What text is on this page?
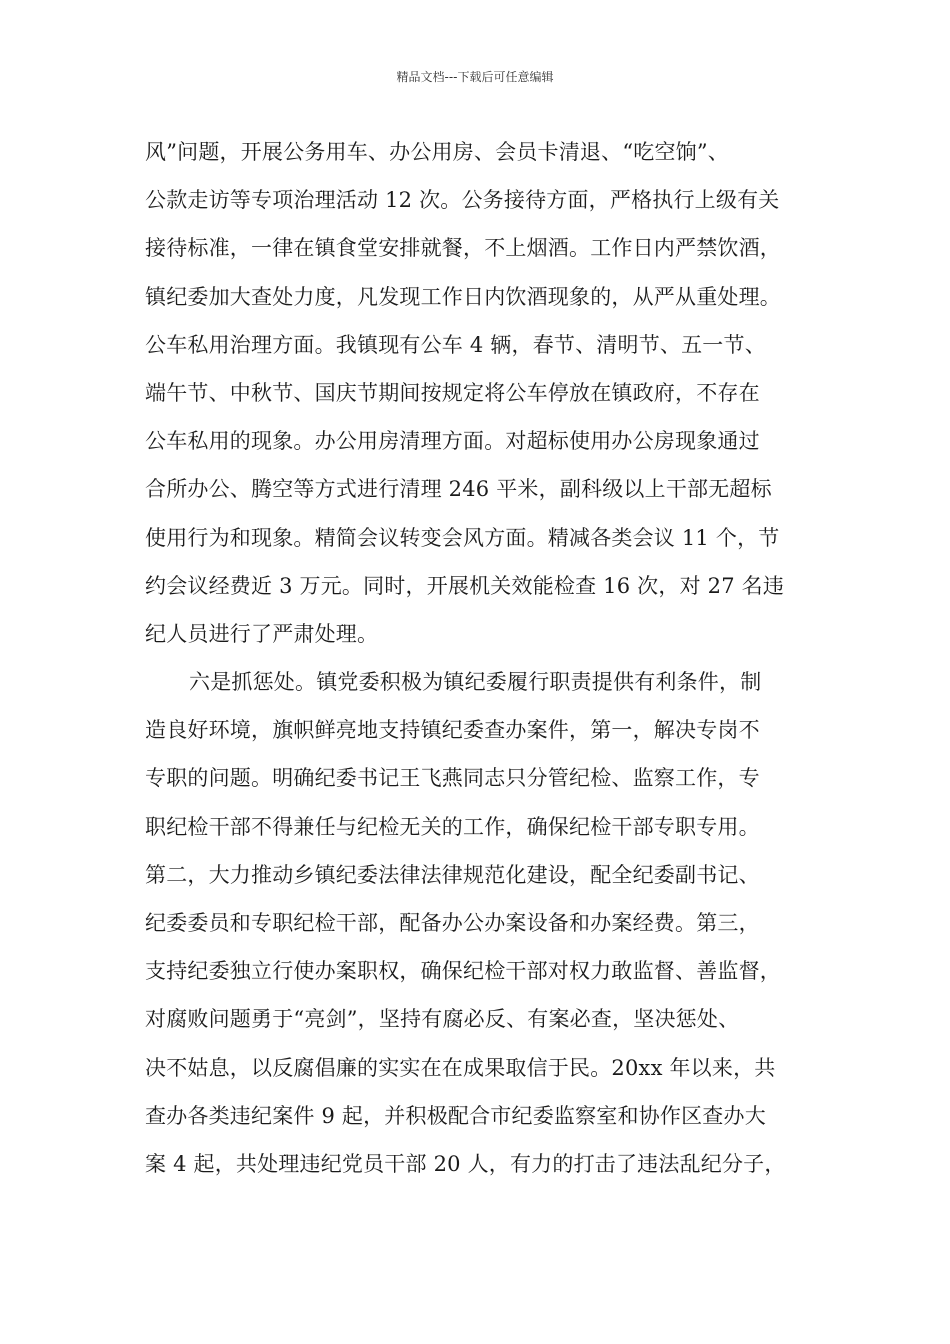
精品文档---下载后可任意编辑
风”问题，开展公务用车、办公用房、会员卡清退、“吃空饷”、
公款走访等专项治理活动 12 次。公务接待方面，严格执行上级有关
接待标准，一律在镇食堂安排就餐，不上烟酒。工作日内严禁饮酒，
镇纪委加大查处力度，凡发现工作日内饮酒现象的，从严从重处理。
公车私用治理方面。我镇现有公车 4 辆，春节、清明节、五一节、
端午节、中秋节、国庆节期间按规定将公车停放在镇政府，不存在
公车私用的现象。办公用房清理方面。对超标使用办公房现象通过
合所办公、腾空等方式进行清理 246 平米，副科级以上干部无超标
使用行为和现象。精简会议转变会风方面。精减各类会议 11 个，节
约会议经费近 3 万元。同时，开展机关效能检查 16 次，对 27 名违
纪人员进行了严肃处理。
六是抓惩处。镇党委积极为镇纪委履行职责提供有利条件，制
造良好环境，旗帜鲜亮地支持镇纪委查办案件，第一，解决专岗不
专职的问题。明确纪委书记王飞燕同志只分管纪检、监察工作，专
职纪检干部不得兼任与纪检无关的工作，确保纪检干部专职专用。
第二，大力推动乡镇纪委法律法律规范化建设，配全纪委副书记、
纪委委员和专职纪检干部，配备办公办案设备和办案经费。第三，
支持纪委独立行使办案职权，确保纪检干部对权力敢监督、善监督，
对腐败问题勇于“亮剑”，坚持有腐必反、有案必查，坚决惩处、
决不姑息，以反腐倡廉的实实在在成果取信于民。20xx 年以来，共
查办各类违纪案件 9 起，并积极配合市纪委监察室和协作区查办大
案 4 起，共处理违纪党员干部 20 人，有力的打击了违法乱纪分子，
